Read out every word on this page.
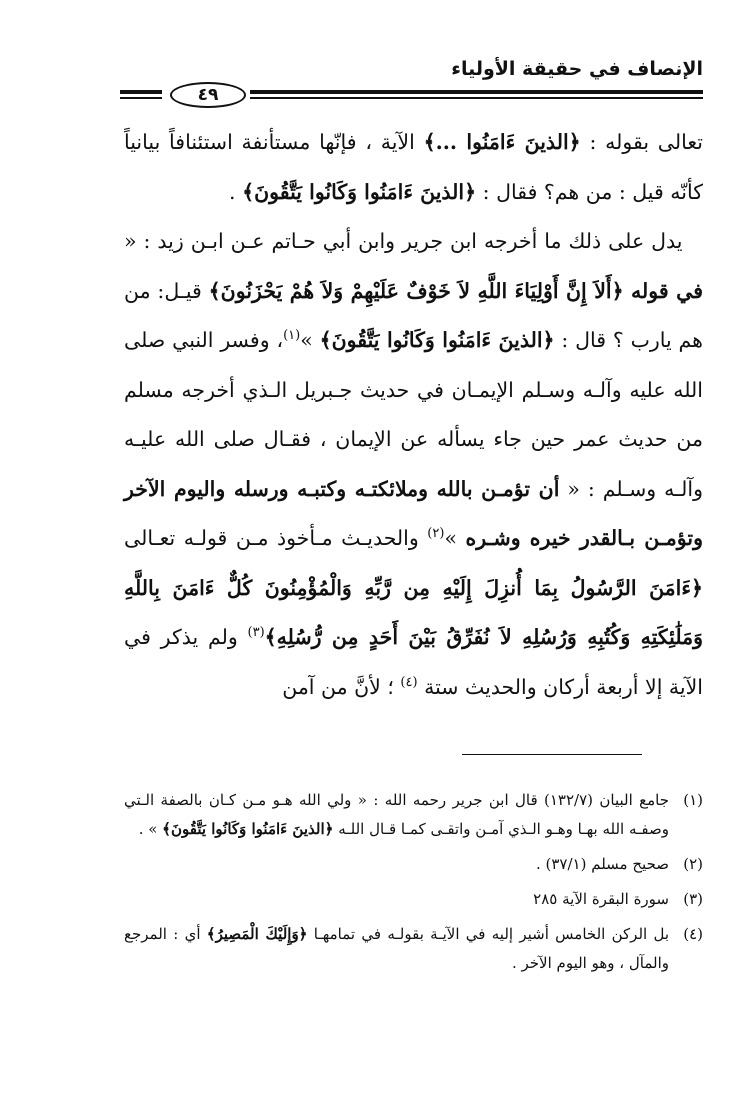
الإنصاف في حقيقة الأولياء
٤٩

تعالى بقوله : ﴿الذينَ ءَامَنُوا ...﴾ الآية ، فإنّها مستأنفة استئنافاً بيانياً كأنّه قيل : من هم؟ فقال : ﴿الذينَ ءَامَنُوا وَكَانُوا يَتَّقُونَ﴾ .

 يدل على ذلك ما أخرجه ابن جرير وابن أبي حـاتم عـن ابـن زيد : « في قوله ﴿أَلاَ إِنَّ أَوْلِيَاءَ اللَّهِ لاَ خَوْفٌ عَلَيْهِمْ وَلاَ هُمْ يَحْزَنُونَ﴾ قيـل: من هم يارب ؟ قال : ﴿الذينَ ءَامَنُوا وَكَانُوا يَتَّقُونَ﴾ »$^{(١)}$، وفسر النبي صلى الله عليه وآلـه وسـلم الإيمـان في حديث جـبريل الـذي أخرجه مسلم من حديث عمر حين جاء يسأله عن الإيمان ، فقـال صلى الله عليـه وآلـه وسـلم : « أن تؤمـن بالله وملائكتـه وكتبـه ورسله واليوم الآخر وتؤمـن بـالقدر خيره وشـره »$^{(٢)}$ والحديـث مـأخوذ مـن قولـه تعـالى ﴿ءَامَنَ الرَّسُولُ بِمَا أُنزِلَ إِلَيْهِ مِن رَّبِّهِ وَالْمُؤْمِنُونَ كُلٌّ ءَامَنَ بِاللَّهِ وَمَلَٰئِكَتِهِ وَكُتُبِهِ وَرُسُلِهِ لاَ نُفَرِّقُ بَيْنَ أَحَدٍ مِن رُّسُلِهِ﴾$^{(٣)}$ ولم يذكر في الآية إلا أربعة أركان والحديث ستة $^{(٤)}$ ؛ لأنَّ من آمن

(١)
جامع البيان (١٣٢/٧) قال ابن جرير رحمه الله : « ولي الله هـو مـن كـان بالصفة الـتي وصفـه الله بهـا وهـو الـذي آمـن واتقـى كمـا قـال اللـه ﴿الذينَ ءَامَنُوا وَكَانُوا يَتَّقُونَ﴾ » .

(٢)
صحيح مسلم (٣٧/١) .

(٣)
سورة البقرة الآية ٢٨٥

(٤)
بل الركن الخامس أشير إليه في الآيـة بقولـه في تمامهـا ﴿وَإِلَيْكَ الْمَصِيرُ﴾ أي : المرجع والمآل ، وهو اليوم الآخر .
